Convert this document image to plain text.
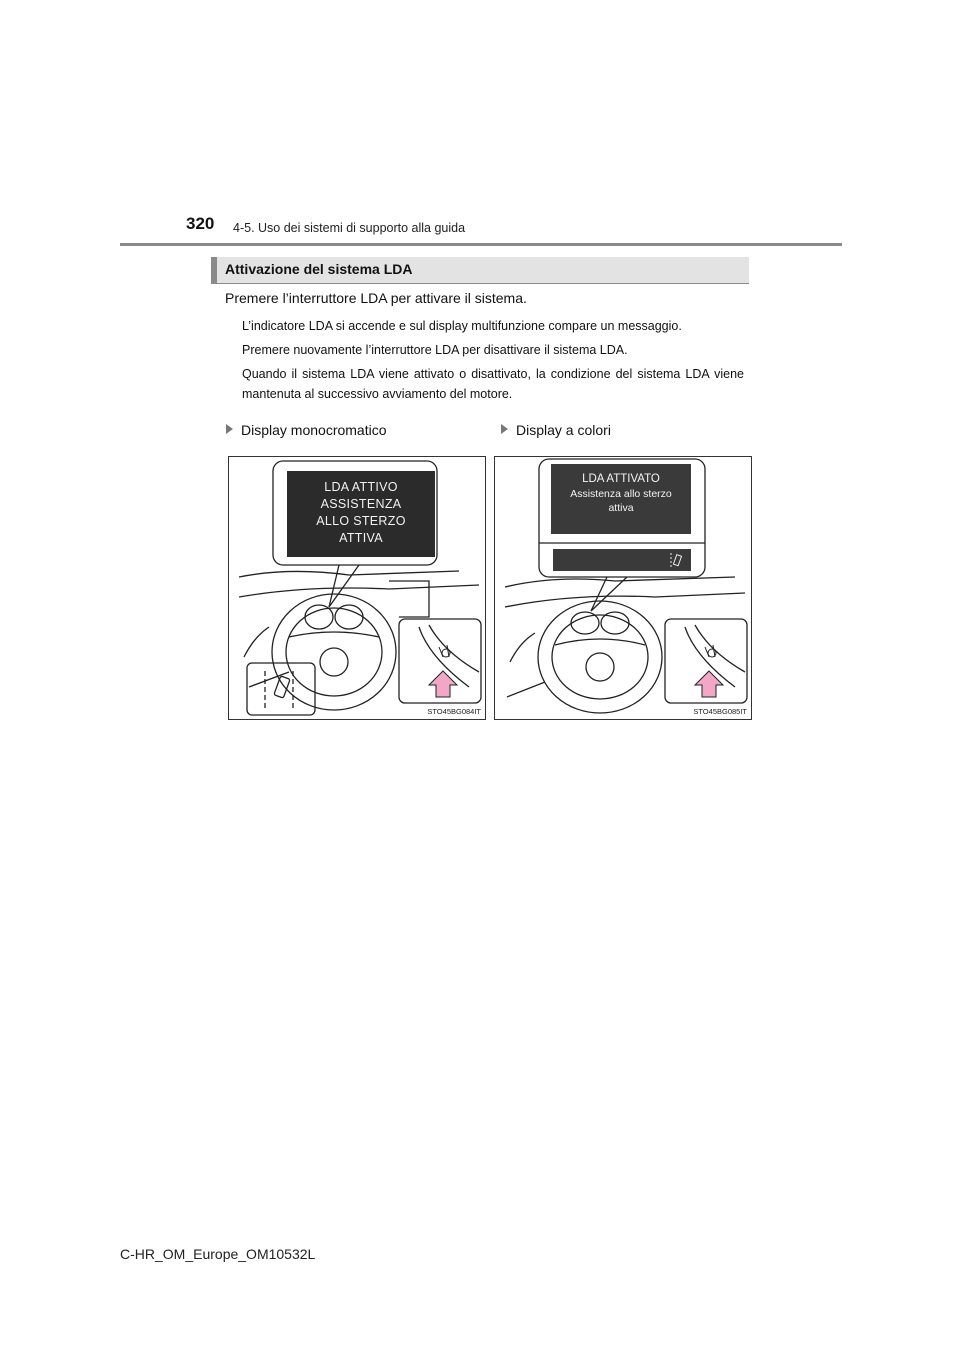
320 4-5. Uso dei sistemi di supporto alla guida
Attivazione del sistema LDA
Premere l’interruttore LDA per attivare il sistema.
L’indicatore LDA si accende e sul display multifunzione compare un messaggio.
Premere nuovamente l’interruttore LDA per disattivare il sistema LDA.
Quando il sistema LDA viene attivato o disattivato, la condizione del sistema LDA viene mantenuta al successivo avviamento del motore.
Display monocromatico	Display a colori
LDA ATTIVO
ASSISTENZA
ALLO STERZO
ATTIVA
STO45BG084IT
LDA ATTIVATO
Assistenza allo sterzo
attiva
STO45BG085IT
C-HR_OM_Europe_OM10532L
